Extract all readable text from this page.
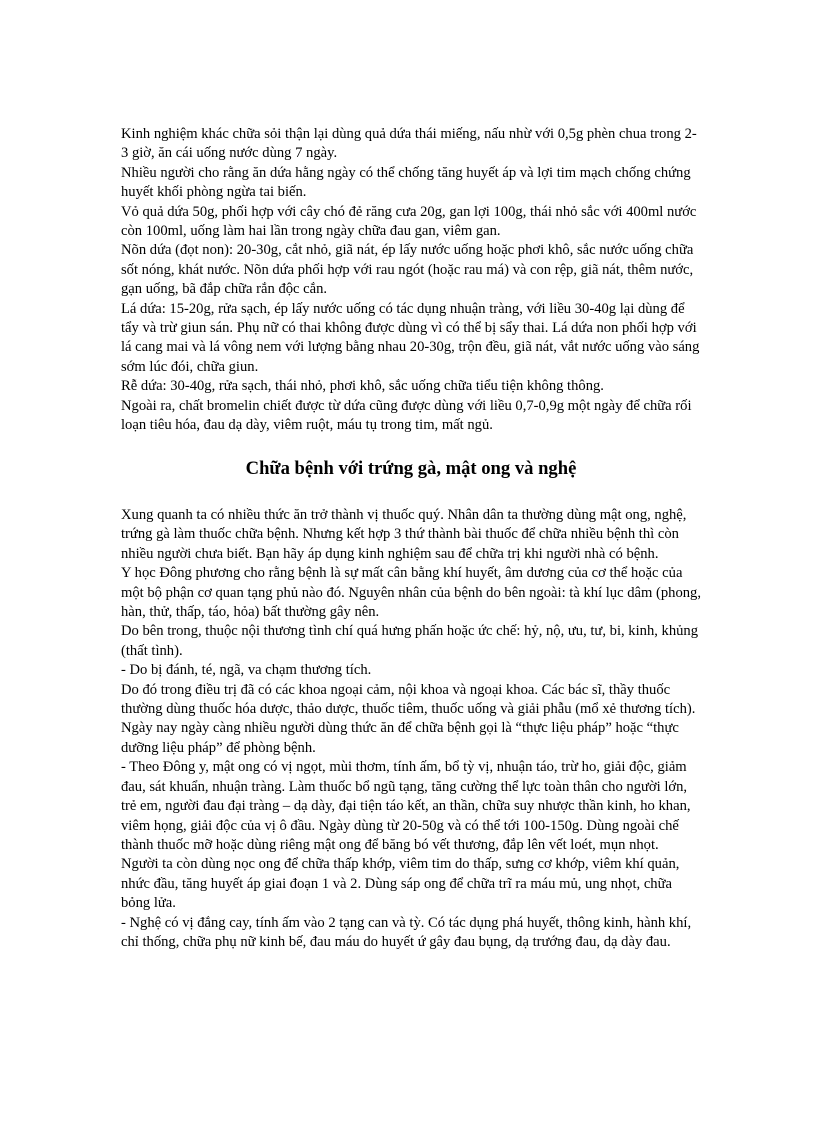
Kinh nghiệm khác chữa sỏi thận lại dùng quả dứa thái miếng, nấu nhừ với 0,5g phèn chua trong 2-3 giờ, ăn cái uống nước dùng 7 ngày.

Nhiều người cho rằng ăn dứa hằng ngày có thể chống tăng huyết áp và lợi tim mạch chống chứng huyết khối phòng ngừa tai biến.

Vỏ quả dứa 50g, phối hợp với cây chó đẻ răng cưa 20g, gan lợi 100g, thái nhỏ sắc với 400ml nước còn 100ml, uống làm hai lần trong ngày chữa đau gan, viêm gan.

Nõn dứa (đọt non): 20-30g, cắt nhỏ, giã nát, ép lấy nước uống hoặc phơi khô, sắc nước uống chữa sốt nóng, khát nước. Nõn dứa phối hợp với rau ngót (hoặc rau má) và con rệp, giã nát, thêm nước, gạn uống, bã đắp chữa rắn độc cắn.

Lá dứa: 15-20g, rửa sạch, ép lấy nước uống có tác dụng nhuận tràng, với liều 30-40g lại dùng để tẩy và trừ giun sán. Phụ nữ có thai không được dùng vì có thể bị sẩy thai. Lá dứa non phối hợp với lá cang mai và lá vông nem với lượng bằng nhau 20-30g, trộn đều, giã nát, vắt nước uống vào sáng sớm lúc đói, chữa giun.

Rễ dứa: 30-40g, rửa sạch, thái nhỏ, phơi khô, sắc uống chữa tiểu tiện không thông.

Ngoài ra, chất bromelin chiết được từ dứa cũng được dùng với liều 0,7-0,9g một ngày để chữa rối loạn tiêu hóa, đau dạ dày, viêm ruột, máu tụ trong tim, mất ngủ.

Chữa bệnh với trứng gà, mật ong và nghệ

Xung quanh ta có nhiều thức ăn trở thành vị thuốc quý. Nhân dân ta thường dùng mật ong, nghệ, trứng gà làm thuốc chữa bệnh. Nhưng kết hợp 3 thứ thành bài thuốc để chữa nhiều bệnh thì còn nhiều người chưa biết. Bạn hãy áp dụng kinh nghiệm sau để chữa trị khi người nhà có bệnh.

Y học Đông phương cho rằng bệnh là sự mất cân bằng khí huyết, âm dương của cơ thể hoặc của một bộ phận cơ quan tạng phủ nào đó. Nguyên nhân của bệnh do bên ngoài: tà khí lục dâm (phong, hàn, thử, thấp, táo, hỏa) bất thường gây nên.

Do bên trong, thuộc nội thương tình chí quá hưng phấn hoặc ức chế: hỷ, nộ, ưu, tư, bi, kinh, khủng (thất tình).

- Do bị đánh, té, ngã, va chạm thương tích.

Do đó trong điều trị đã có các khoa ngoại cảm, nội khoa và ngoại khoa. Các bác sĩ, thầy thuốc thường dùng thuốc hóa dược, thảo dược, thuốc tiêm, thuốc uống và giải phẫu (mổ xẻ thương tích). Ngày nay ngày càng nhiều người dùng thức ăn để chữa bệnh gọi là “thực liệu pháp” hoặc “thực dưỡng liệu pháp” để phòng bệnh.

- Theo Đông y, mật ong có vị ngọt, mùi thơm, tính ấm, bổ tỳ vị, nhuận táo, trừ ho, giải độc, giảm đau, sát khuẩn, nhuận tràng. Làm thuốc bổ ngũ tạng, tăng cường thể lực toàn thân cho người lớn, trẻ em, người đau đại tràng – dạ dày, đại tiện táo kết, an thần, chữa suy nhược thần kinh, ho khan, viêm họng, giải độc của vị ô đầu. Ngày dùng từ 20-50g và có thể tới 100-150g. Dùng ngoài chế thành thuốc mỡ hoặc dùng riêng mật ong để băng bó vết thương, đắp lên vết loét, mụn nhọt.

Người ta còn dùng nọc ong để chữa thấp khớp, viêm tim do thấp, sưng cơ khớp, viêm khí quản, nhức đầu, tăng huyết áp giai đoạn 1 và 2. Dùng sáp ong để chữa trĩ ra máu mủ, ung nhọt, chữa bỏng lửa.

- Nghệ có vị đắng cay, tính ấm vào 2 tạng can và tỳ. Có tác dụng phá huyết, thông kinh, hành khí, chỉ thống, chữa phụ nữ kinh bế, đau máu do huyết ứ gây đau bụng, dạ trướng đau, dạ dày đau.
